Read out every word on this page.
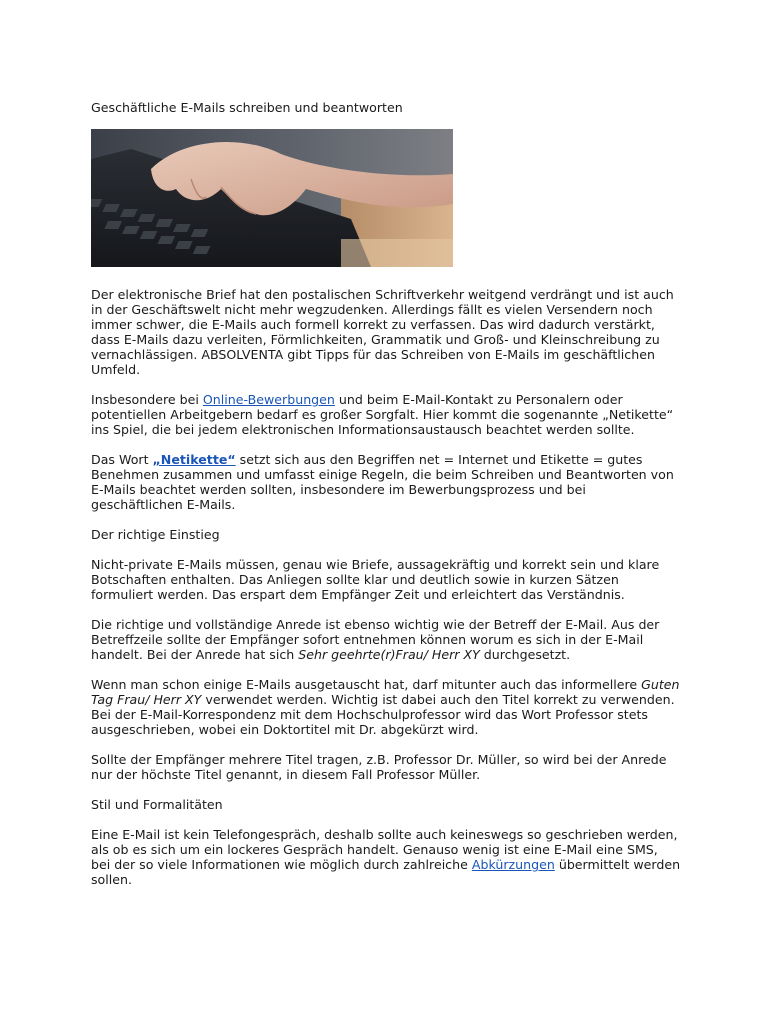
Geschäftliche E-Mails schreiben und beantworten

Der elektronische Brief hat den postalischen Schriftverkehr weitgend verdrängt und ist auch in der Geschäftswelt nicht mehr wegzudenken. Allerdings fällt es vielen Versendern noch immer schwer, die E-Mails auch formell korrekt zu verfassen. Das wird dadurch verstärkt, dass E-Mails dazu verleiten, Förmlichkeiten, Grammatik und Groß- und Kleinschreibung zu vernachlässigen. ABSOLVENTA gibt Tipps für das Schreiben von E-Mails im geschäftlichen Umfeld.

Insbesondere bei Online-Bewerbungen und beim E-Mail-Kontakt zu Personalern oder potentiellen Arbeitgebern bedarf es großer Sorgfalt. Hier kommt die sogenannte „Netikette“ ins Spiel, die bei jedem elektronischen Informationsaustausch beachtet werden sollte.

Das Wort „Netikette“ setzt sich aus den Begriffen net = Internet und Etikette = gutes Benehmen zusammen und umfasst einige Regeln, die beim Schreiben und Beantworten von E-Mails beachtet werden sollten, insbesondere im Bewerbungsprozess und bei geschäftlichen E-Mails.

Der richtige Einstieg

Nicht-private E-Mails müssen, genau wie Briefe, aussagekräftig und korrekt sein und klare Botschaften enthalten. Das Anliegen sollte klar und deutlich sowie in kurzen Sätzen formuliert werden. Das erspart dem Empfänger Zeit und erleichtert das Verständnis.

Die richtige und vollständige Anrede ist ebenso wichtig wie der Betreff der E-Mail. Aus der Betreffzeile sollte der Empfänger sofort entnehmen können worum es sich in der E-Mail handelt. Bei der Anrede hat sich Sehr geehrte(r)Frau/ Herr XY durchgesetzt.

Wenn man schon einige E-Mails ausgetauscht hat, darf mitunter auch das informellere Guten Tag Frau/ Herr XY verwendet werden. Wichtig ist dabei auch den Titel korrekt zu verwenden. Bei der E-Mail-Korrespondenz mit dem Hochschulprofessor wird das Wort Professor stets ausgeschrieben, wobei ein Doktortitel mit Dr. abgekürzt wird.

Sollte der Empfänger mehrere Titel tragen, z.B. Professor Dr. Müller, so wird bei der Anrede nur der höchste Titel genannt, in diesem Fall Professor Müller.

Stil und Formalitäten

Eine E-Mail ist kein Telefongespräch, deshalb sollte auch keineswegs so geschrieben werden, als ob es sich um ein lockeres Gespräch handelt. Genauso wenig ist eine E-Mail eine SMS, bei der so viele Informationen wie möglich durch zahlreiche Abkürzungen übermittelt werden sollen.
